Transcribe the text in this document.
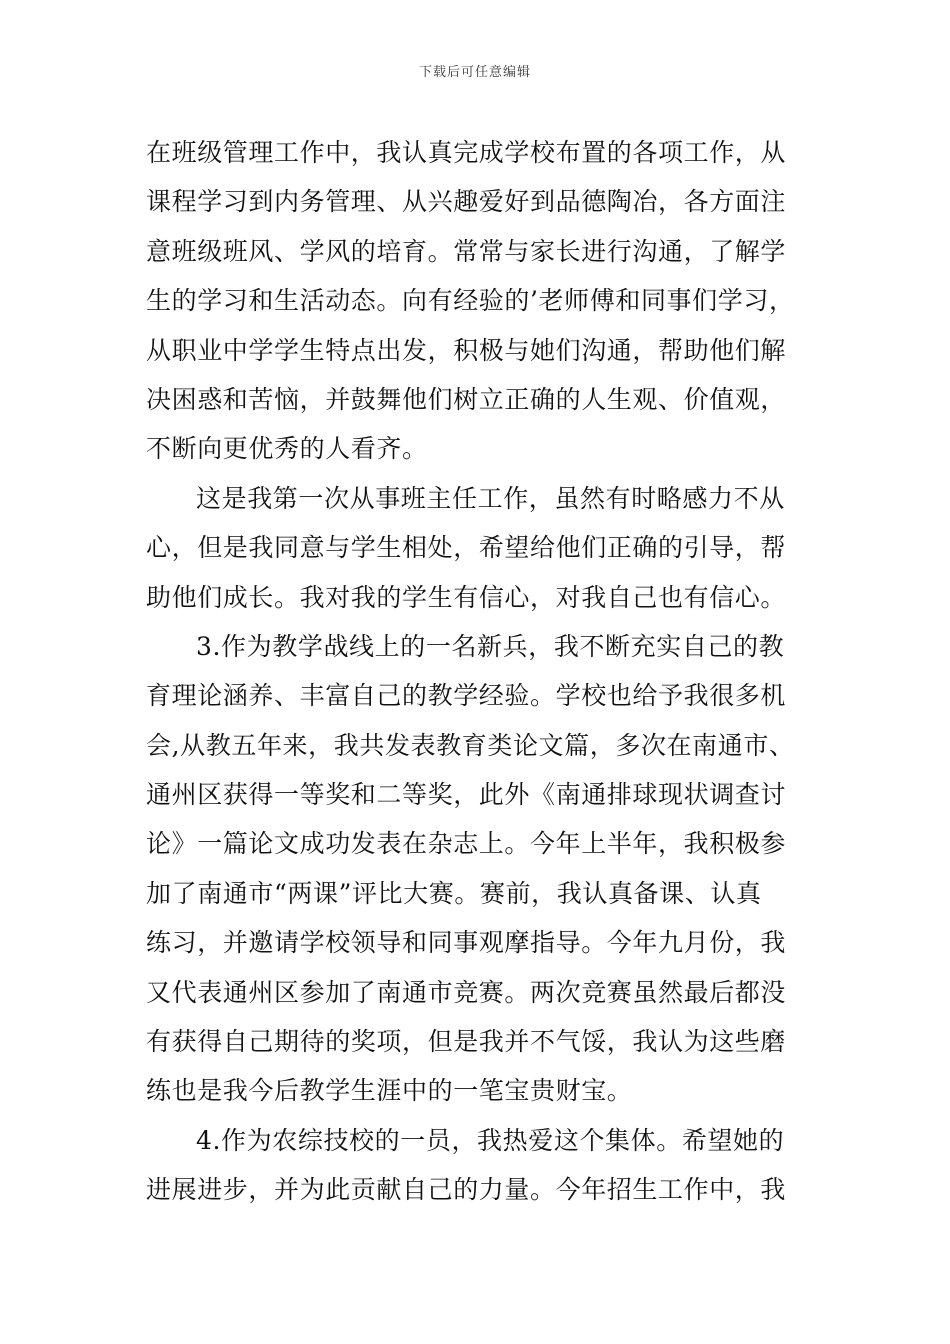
下载后可任意编辑
在班级管理工作中，我认真完成学校布置的各项工作，从
课程学习到内务管理、从兴趣爱好到品德陶冶，各方面注
意班级班风、学风的培育。常常与家长进行沟通，了解学
生的学习和生活动态。向有经验的’老师傅和同事们学习，
从职业中学学生特点出发，积极与她们沟通，帮助他们解
决困惑和苦恼，并鼓舞他们树立正确的人生观、价值观，
不断向更优秀的人看齐。
这是我第一次从事班主任工作，虽然有时略感力不从
心，但是我同意与学生相处，希望给他们正确的引导，帮
助他们成长。我对我的学生有信心，对我自己也有信心。
3.作为教学战线上的一名新兵，我不断充实自己的教
育理论涵养、丰富自己的教学经验。学校也给予我很多机
会,从教五年来，我共发表教育类论文篇，多次在南通市、
通州区获得一等奖和二等奖，此外《南通排球现状调查讨
论》一篇论文成功发表在杂志上。今年上半年，我积极参
加了南通市“两课”评比大赛。赛前，我认真备课、认真
练习，并邀请学校领导和同事观摩指导。今年九月份，我
又代表通州区参加了南通市竞赛。两次竞赛虽然最后都没
有获得自己期待的奖项，但是我并不气馁，我认为这些磨
练也是我今后教学生涯中的一笔宝贵财宝。
4.作为农综技校的一员，我热爱这个集体。希望她的
进展进步，并为此贡献自己的力量。今年招生工作中，我
